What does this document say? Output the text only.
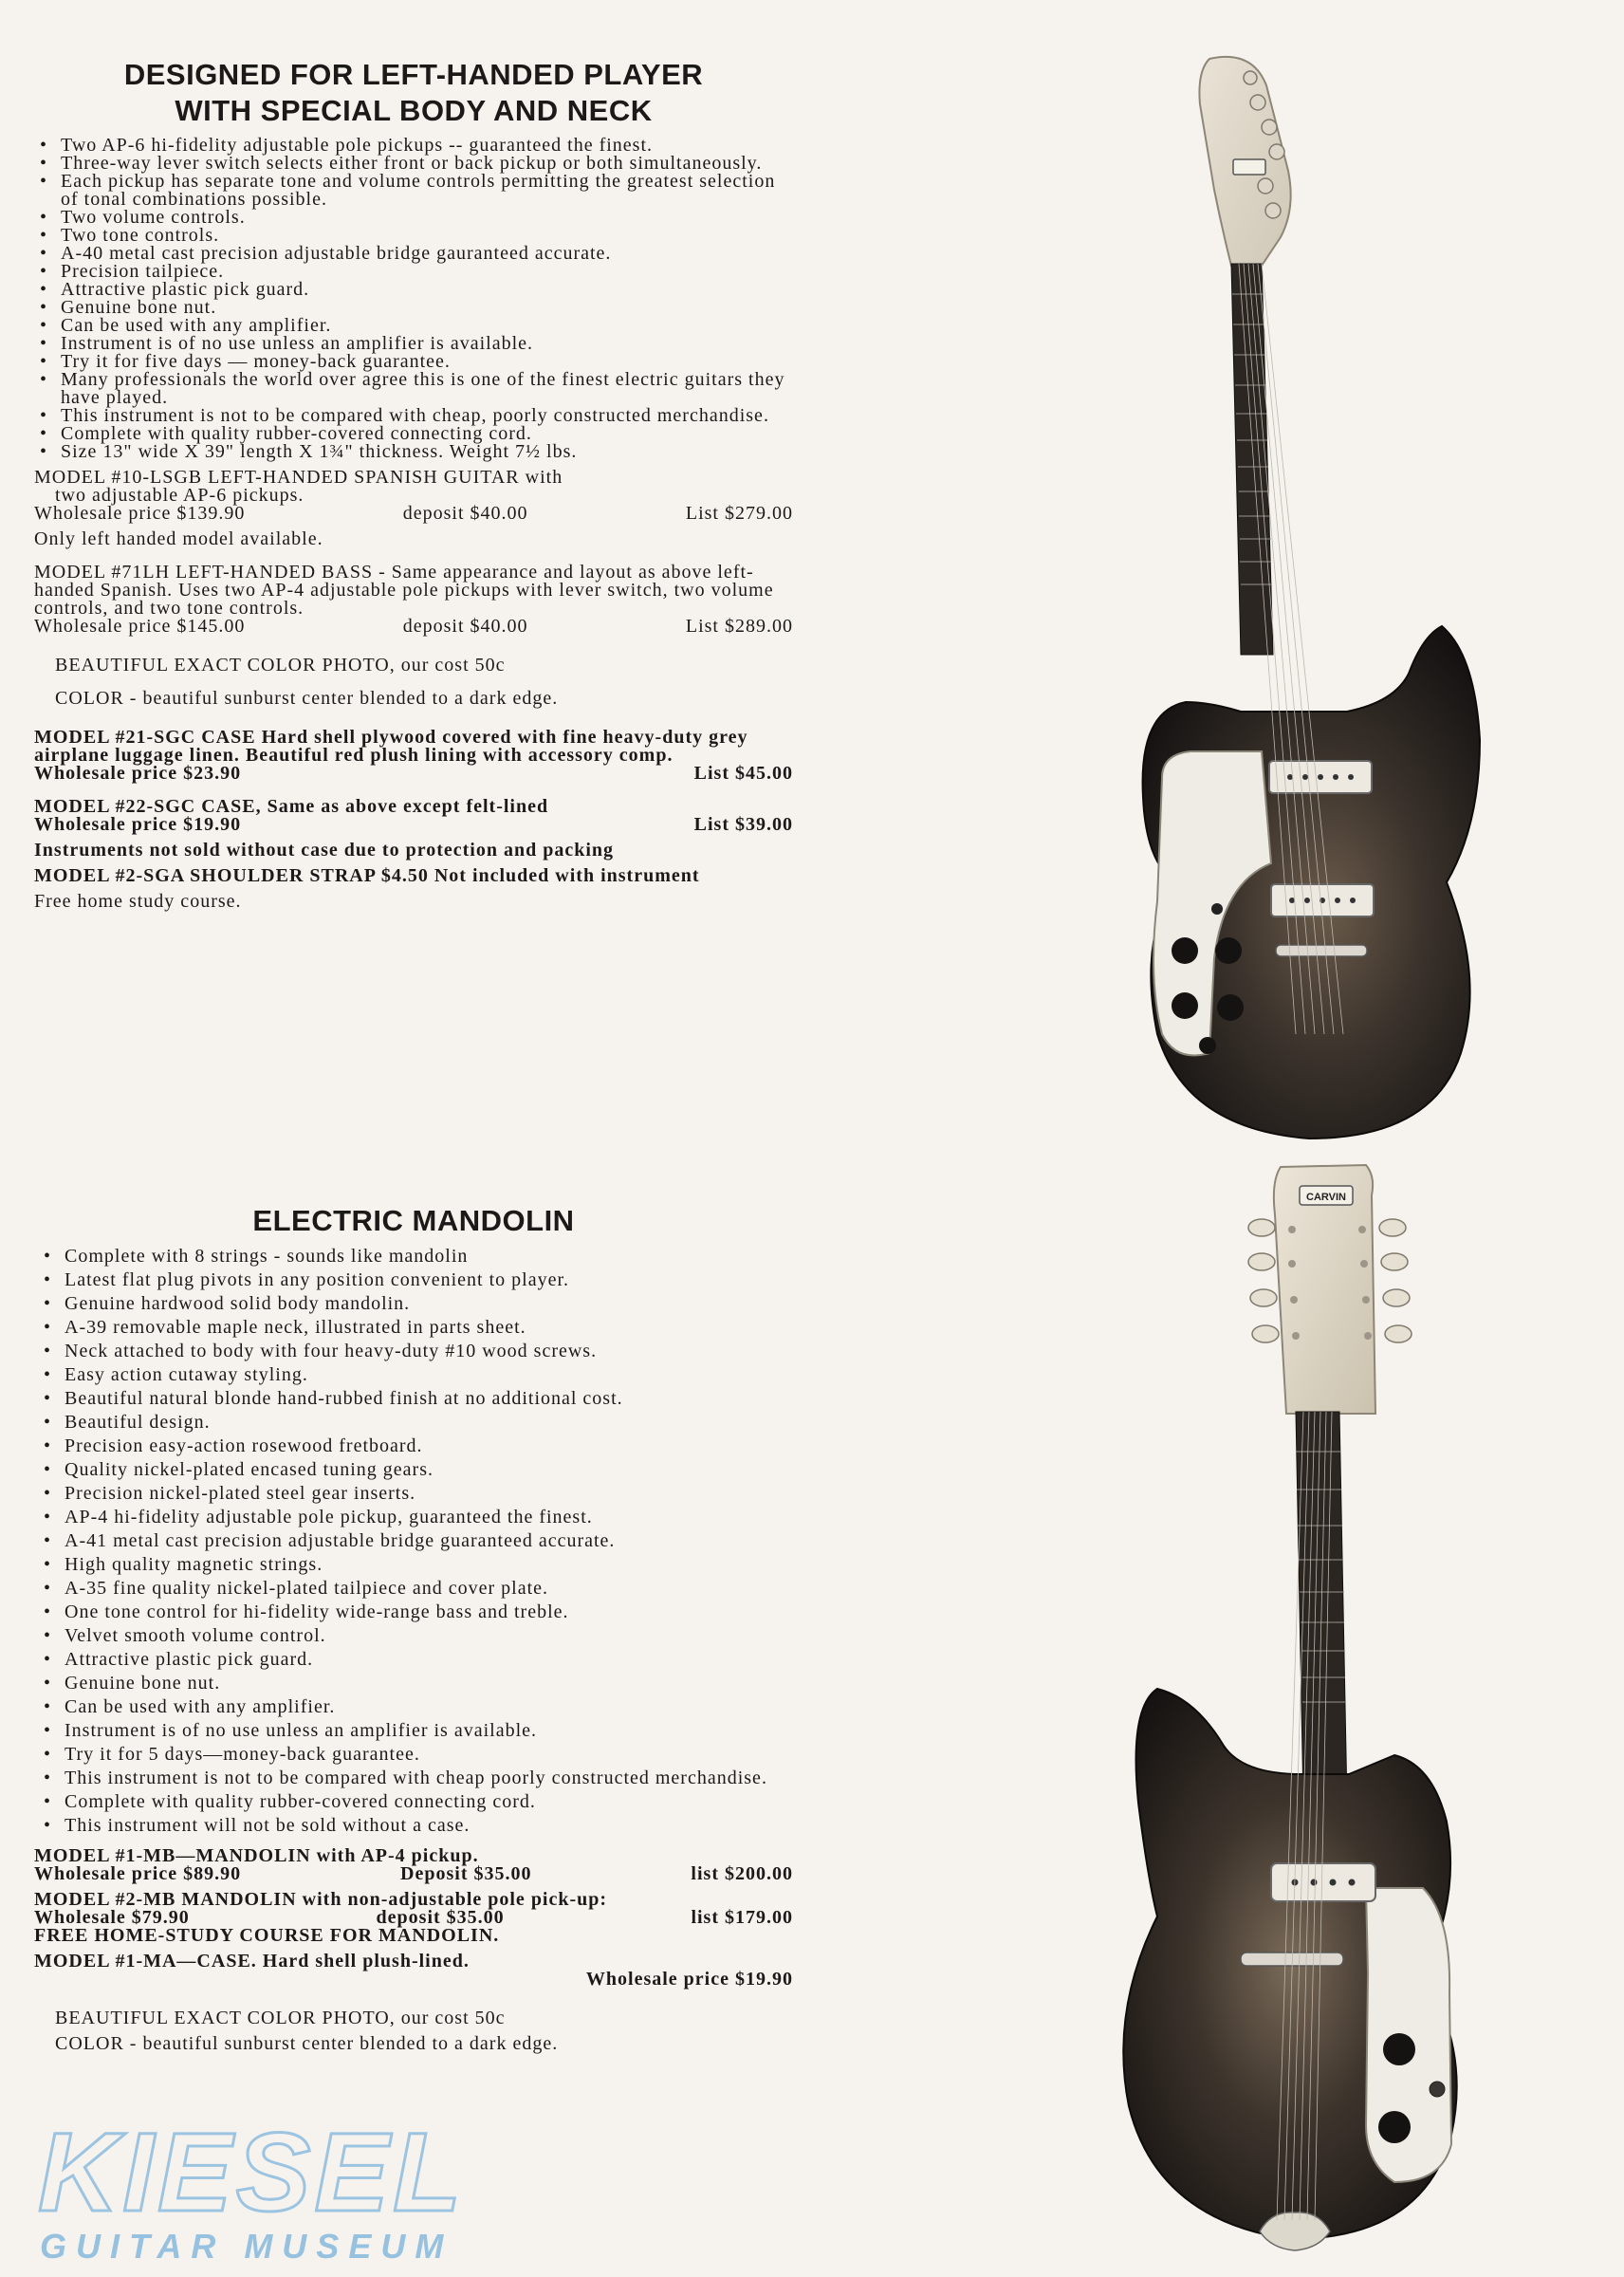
DESIGNED FOR LEFT-HANDED PLAYER
WITH SPECIAL BODY AND NECK
• Two AP-6 hi-fidelity adjustable pole pickups -- guaranteed the finest.
• Three-way lever switch selects either front or back pickup or both simultaneously.
• Each pickup has separate tone and volume controls permitting the greatest selection of tonal combinations possible.
• Two volume controls.
• Two tone controls.
• A-40 metal cast precision adjustable bridge gauranteed accurate.
• Precision tailpiece.
• Attractive plastic pick guard.
• Genuine bone nut.
• Can be used with any amplifier.
• Instrument is of no use unless an amplifier is available.
• Try it for five days — money-back guarantee.
• Many professionals the world over agree this is one of the finest electric guitars they have played.
• This instrument is not to be compared with cheap, poorly constructed merchandise.
• Complete with quality rubber-covered connecting cord.
• Size 13" wide X 39" length X 1¾" thickness. Weight 7½ lbs.

MODEL #10-LSGB LEFT-HANDED SPANISH GUITAR with

two adjustable AP-6 pickups.

Wholesale price $139.90	deposit $40.00	List $279.00

Only left handed model available.

MODEL #71LH LEFT-HANDED BASS - Same appearance and layout as above left-handed Spanish. Uses two AP-4 adjustable pole pickups with lever switch, two volume controls, and two tone controls.

Wholesale price $145.00	deposit $40.00	List $289.00

BEAUTIFUL EXACT COLOR PHOTO, our cost 50c

COLOR - beautiful sunburst center blended to a dark edge.

MODEL #21-SGC CASE Hard shell plywood covered with fine heavy-duty grey airplane luggage linen. Beautiful red plush lining with accessory comp.

Wholesale price $23.90	List $45.00

MODEL #22-SGC CASE, Same as above except felt-lined

Wholesale price $19.90	List $39.00

Instruments not sold without case due to protection and packing

MODEL #2-SGA SHOULDER STRAP $4.50 Not included with instrument

Free home study course.

ELECTRIC MANDOLIN
• Complete with 8 strings - sounds like mandolin
• Latest flat plug pivots in any position convenient to player.
• Genuine hardwood solid body mandolin.
• A-39 removable maple neck, illustrated in parts sheet.
• Neck attached to body with four heavy-duty #10 wood screws.
• Easy action cutaway styling.
• Beautiful natural blonde hand-rubbed finish at no additional cost.
• Beautiful design.
• Precision easy-action rosewood fretboard.
• Quality nickel-plated encased tuning gears.
• Precision nickel-plated steel gear inserts.
• AP-4 hi-fidelity adjustable pole pickup, guaranteed the finest.
• A-41 metal cast precision adjustable bridge guaranteed accurate.
• High quality magnetic strings.
• A-35 fine quality nickel-plated tailpiece and cover plate.
• One tone control for hi-fidelity wide-range bass and treble.
• Velvet smooth volume control.
• Attractive plastic pick guard.
• Genuine bone nut.
• Can be used with any amplifier.
• Instrument is of no use unless an amplifier is available.
• Try it for 5 days—money-back guarantee.
• This instrument is not to be compared with cheap poorly constructed merchandise.
• Complete with quality rubber-covered connecting cord.
• This instrument will not be sold without a case.

MODEL #1-MB—MANDOLIN with AP-4 pickup.

Wholesale price $89.90	Deposit $35.00	list $200.00

MODEL #2-MB MANDOLIN with non-adjustable pole pick-up:

Wholesale $79.90	deposit $35.00	list $179.00

FREE HOME-STUDY COURSE FOR MANDOLIN.

MODEL #1-MA—CASE. Hard shell plush-lined.

Wholesale price $19.90

BEAUTIFUL EXACT COLOR PHOTO, our cost 50c

COLOR - beautiful sunburst center blended to a dark edge.

CARVIN
KIESEL
GUITAR MUSEUM
